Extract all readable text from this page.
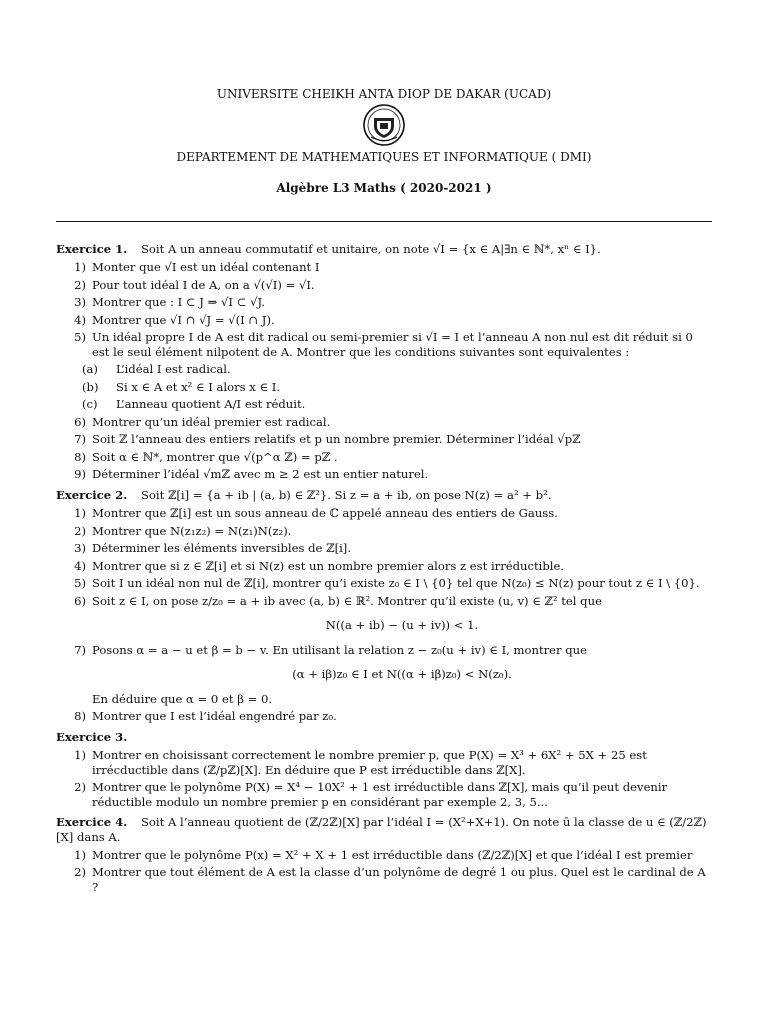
UNIVERSITE CHEIKH ANTA DIOP DE DAKAR (UCAD)
DEPARTEMENT DE MATHEMATIQUES ET INFORMATIQUE ( DMI)
Algèbre L3 Maths ( 2020-2021 )
Exercice 1. Soit A un anneau commutatif et unitaire, on note √I = {x ∈ A|∃n ∈ ℕ*, xⁿ ∈ I}.
1) Monter que √I est un idéal contenant I
2) Pour tout idéal I de A, on a √(√I) = √I.
3) Montrer que : I ⊂ J ⇒ √I ⊂ √J.
4) Montrer que √I ∩ √J = √(I ∩ J).
5) Un idéal propre I de A est dit radical ou semi-premier si √I = I et l’anneau A non nul est dit réduit si 0 est le seul élément nilpotent de A. Montrer que les conditions suivantes sont equivalentes :
(a) L’idéal I est radical.
(b) Si x ∈ A et x² ∈ I alors x ∈ I.
(c) L’anneau quotient A/I est réduit.
6) Montrer qu’un idéal premier est radical.
7) Soit ℤ l’anneau des entiers relatifs et p un nombre premier. Déterminer l’idéal √pℤ
8) Soit α ∈ ℕ*, montrer que √(p^α ℤ) = pℤ .
9) Déterminer l’idéal √mℤ avec m ≥ 2 est un entier naturel.
Exercice 2. Soit ℤ[i] = {a + ib | (a, b) ∈ ℤ²}. Si z = a + ib, on pose N(z) = a² + b².
1) Montrer que ℤ[i] est un sous anneau de ℂ appelé anneau des entiers de Gauss.
2) Montrer que N(z₁z₂) = N(z₁)N(z₂).
3) Déterminer les éléments inversibles de ℤ[i].
4) Montrer que si z ∈ ℤ[i] et si N(z) est un nombre premier alors z est irréductible.
5) Soit I un idéal non nul de ℤ[i], montrer qu’i existe z₀ ∈ I \ {0} tel que N(z₀) ≤ N(z) pour tout z ∈ I \ {0}.
6) Soit z ∈ I, on pose z/z₀ = a + ib avec (a, b) ∈ ℝ². Montrer qu’il existe (u, v) ∈ ℤ² tel que
N((a + ib) − (u + iv)) < 1.
7) Posons α = a − u et β = b − v. En utilisant la relation z − z₀(u + iv) ∈ I, montrer que
(α + iβ)z₀ ∈ I et N((α + iβ)z₀) < N(z₀).
En déduire que α = 0 et β = 0.
8) Montrer que I est l’idéal engendré par z₀.
Exercice 3.
1) Montrer en choisissant correctement le nombre premier p, que P(X) = X³ + 6X² + 5X + 25 est irrécductible dans (ℤ/pℤ)[X]. En déduire que P est irréductible dans ℤ[X].
2) Montrer que le polynôme P(X) = X⁴ − 10X² + 1 est irréductible dans ℤ[X], mais qu’il peut devenir réductible modulo un nombre premier p en considérant par exemple 2, 3, 5...
Exercice 4. Soit A l’anneau quotient de (ℤ/2ℤ)[X] par l’idéal I = (X²+X+1). On note ū la classe de u ∈ (ℤ/2ℤ)[X] dans A.
1) Montrer que le polynôme P(x) = X² + X + 1 est irréductible dans (ℤ/2ℤ)[X] et que l’idéal I est premier
2) Montrer que tout élément de A est la classe d’un polynôme de degré 1 ou plus. Quel est le cardinal de A ?
